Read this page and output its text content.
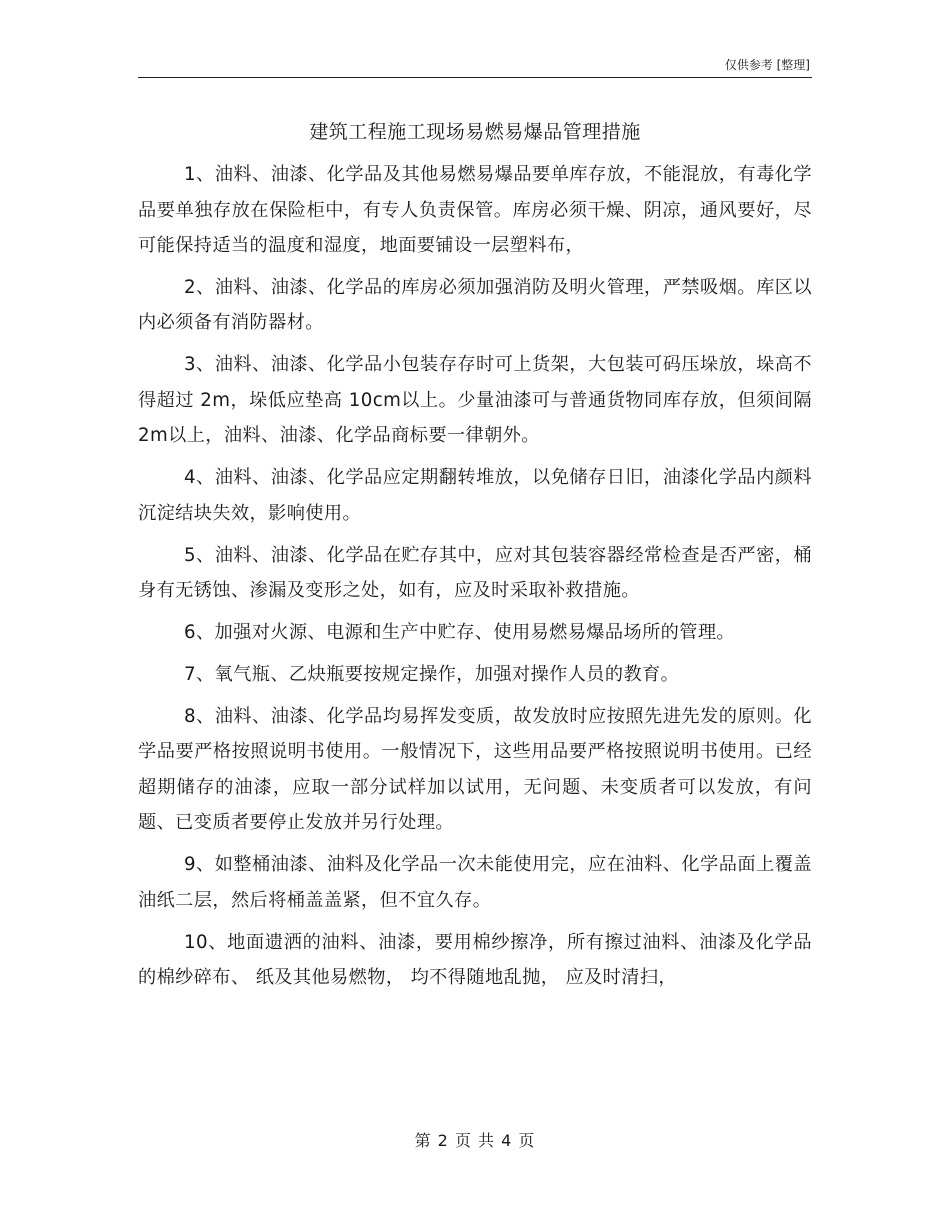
仅供参考 [整理]
建筑工程施工现场易燃易爆品管理措施

1、油料、油漆、化学品及其他易燃易爆品要单库存放，不能混放，有毒化学品要单独存放在保险柜中，有专人负责保管。库房必须干燥、阴凉，通风要好，尽可能保持适当的温度和湿度，地面要铺设一层塑料布，

2、油料、油漆、化学品的库房必须加强消防及明火管理，严禁吸烟。库区以内必须备有消防器材。

3、油料、油漆、化学品小包装存存时可上货架，大包装可码压垛放，垛高不得超过 2m，垛低应垫高 10cm以上。少量油漆可与普通货物同库存放，但须间隔 2m以上，油料、油漆、化学品商标要一律朝外。

4、油料、油漆、化学品应定期翻转堆放，以免储存日旧，油漆化学品内颜料沉淀结块失效，影响使用。

5、油料、油漆、化学品在贮存其中，应对其包装容器经常检查是否严密，桶身有无锈蚀、渗漏及变形之处，如有，应及时采取补救措施。

6、加强对火源、电源和生产中贮存、使用易燃易爆品场所的管理。

7、氧气瓶、乙炔瓶要按规定操作，加强对操作人员的教育。

8、油料、油漆、化学品均易挥发变质，故发放时应按照先进先发的原则。化学品要严格按照说明书使用。一般情况下，这些用品要严格按照说明书使用。已经超期储存的油漆，应取一部分试样加以试用，无问题、未变质者可以发放，有问题、已变质者要停止发放并另行处理。

9、如整桶油漆、油料及化学品一次未能使用完，应在油料、化学品面上覆盖油纸二层，然后将桶盖盖紧，但不宜久存。

10、地面遗洒的油料、油漆，要用棉纱擦净，所有擦过油料、油漆及化学品的棉纱碎布、 纸及其他易燃物， 均不得随地乱抛， 应及时清扫，

第 2 页 共 4 页
